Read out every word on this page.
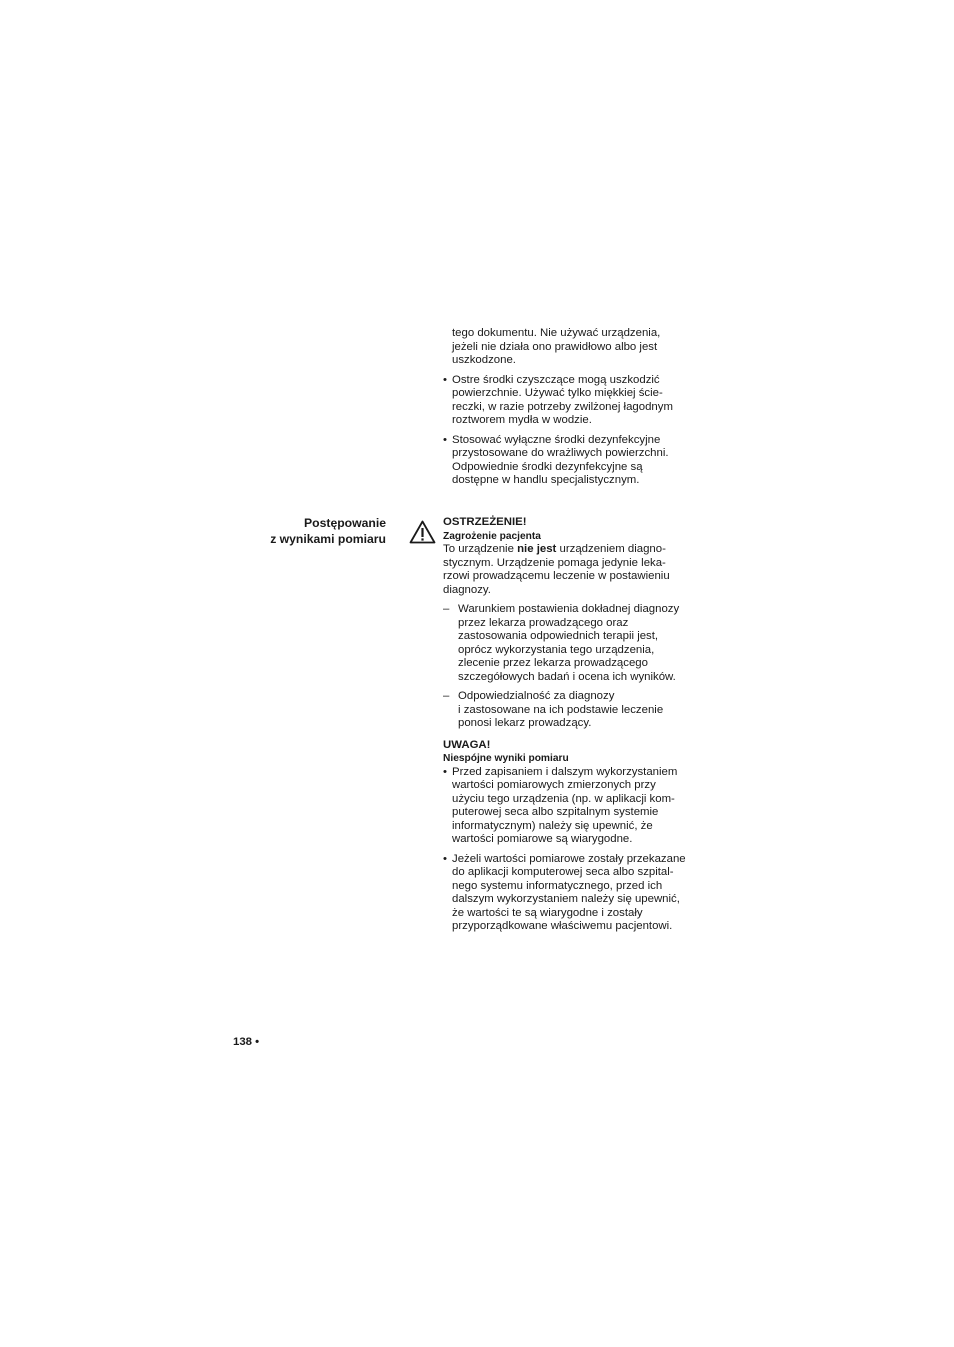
tego dokumentu. Nie używać urządzenia,
jeżeli nie działa ono prawidłowo albo jest
uszkodzone.
• Ostre środki czyszczące mogą uszkodzić
powierzchnie. Używać tylko miękkiej ście-
reczki, w razie potrzeby zwilżonej łagodnym
roztworem mydła w wodzie.
• Stosować wyłączne środki dezynfekcyjne
przystosowane do wrażliwych powierzchni.
Odpowiednie środki dezynfekcyjne są
dostępne w handlu specjalistycznym.
Postępowanie
z wynikami pomiaru
OSTRZEŻENIE!
Zagrożenie pacjenta
To urządzenie nie jest urządzeniem diagno-
stycznym. Urządzenie pomaga jedynie leka-
rzowi prowadzącemu leczenie w postawieniu
diagnozy.
– Warunkiem postawienia dokładnej diagnozy
przez lekarza prowadzącego oraz
zastosowania odpowiednich terapii jest,
oprócz wykorzystania tego urządzenia,
zlecenie przez lekarza prowadzącego
szczegółowych badań i ocena ich wyników.
– Odpowiedzialność za diagnozy
i zastosowane na ich podstawie leczenie
ponosi lekarz prowadzący.
UWAGA!
Niespójne wyniki pomiaru
• Przed zapisaniem i dalszym wykorzystaniem
wartości pomiarowych zmierzonych przy
użyciu tego urządzenia (np. w aplikacji kom-
puterowej seca albo szpitalnym systemie
informatycznym) należy się upewnić, że
wartości pomiarowe są wiarygodne.
• Jeżeli wartości pomiarowe zostały przekazane
do aplikacji komputerowej seca albo szpital-
nego systemu informatycznego, przed ich
dalszym wykorzystaniem należy się upewnić,
że wartości te są wiarygodne i zostały
przyporządkowane właściwemu pacjentowi.
138 •
